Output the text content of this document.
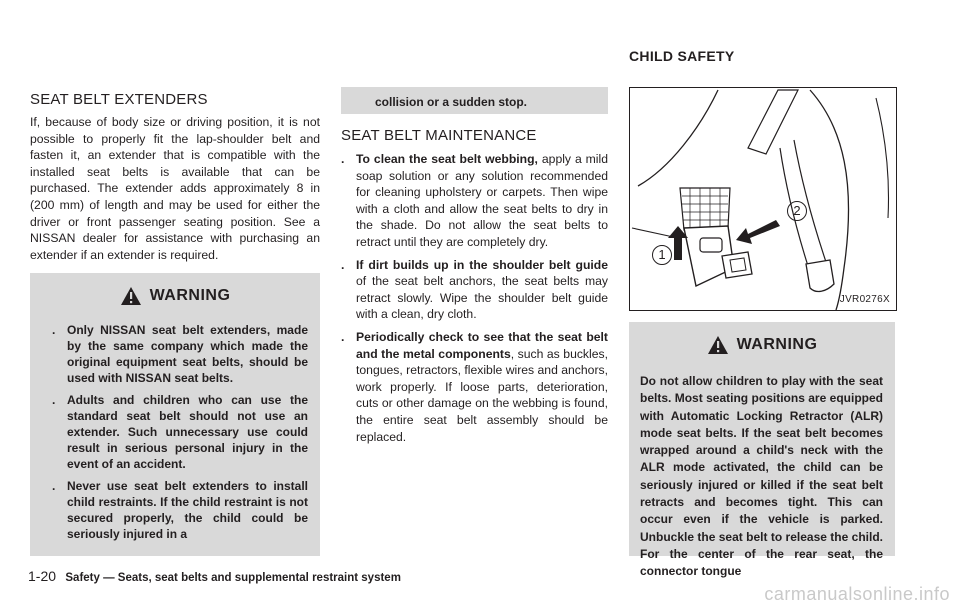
CHILD SAFETY
SEAT BELT EXTENDERS
If, because of body size or driving position, it is not possible to properly fit the lap-shoulder belt and fasten it, an extender that is compatible with the installed seat belts is available that can be purchased. The extender adds approximately 8 in (200 mm) of length and may be used for either the driver or front passenger seating position. See a NISSAN dealer for assistance with purchasing an extender if an extender is required.
WARNING
. Only NISSAN seat belt extenders, made by the same company which made the original equipment seat belts, should be used with NISSAN seat belts.
. Adults and children who can use the standard seat belt should not use an extender. Such unnecessary use could result in serious personal injury in the event of an accident.
. Never use seat belt extenders to install child restraints. If the child restraint is not secured properly, the child could be seriously injured in a
collision or a sudden stop.
SEAT BELT MAINTENANCE
. To clean the seat belt webbing, apply a mild soap solution or any solution recommended for cleaning upholstery or carpets. Then wipe with a cloth and allow the seat belts to dry in the shade. Do not allow the seat belts to retract until they are completely dry.
. If dirt builds up in the shoulder belt guide of the seat belt anchors, the seat belts may retract slowly. Wipe the shoulder belt guide with a clean, dry cloth.
. Periodically check to see that the seat belt and the metal components, such as buckles, tongues, retractors, flexible wires and anchors, work properly. If loose parts, deterioration, cuts or other damage on the webbing is found, the entire seat belt assembly should be replaced.
1
2
JVR0276X
WARNING
Do not allow children to play with the seat belts. Most seating positions are equipped with Automatic Locking Retractor (ALR) mode seat belts. If the seat belt becomes wrapped around a child's neck with the ALR mode activated, the child can be seriously injured or killed if the seat belt retracts and becomes tight. This can occur even if the vehicle is parked. Unbuckle the seat belt to release the child. For the center of the rear seat, the connector tongue
1-20 Safety — Seats, seat belts and supplemental restraint system
carmanualsonline.info
